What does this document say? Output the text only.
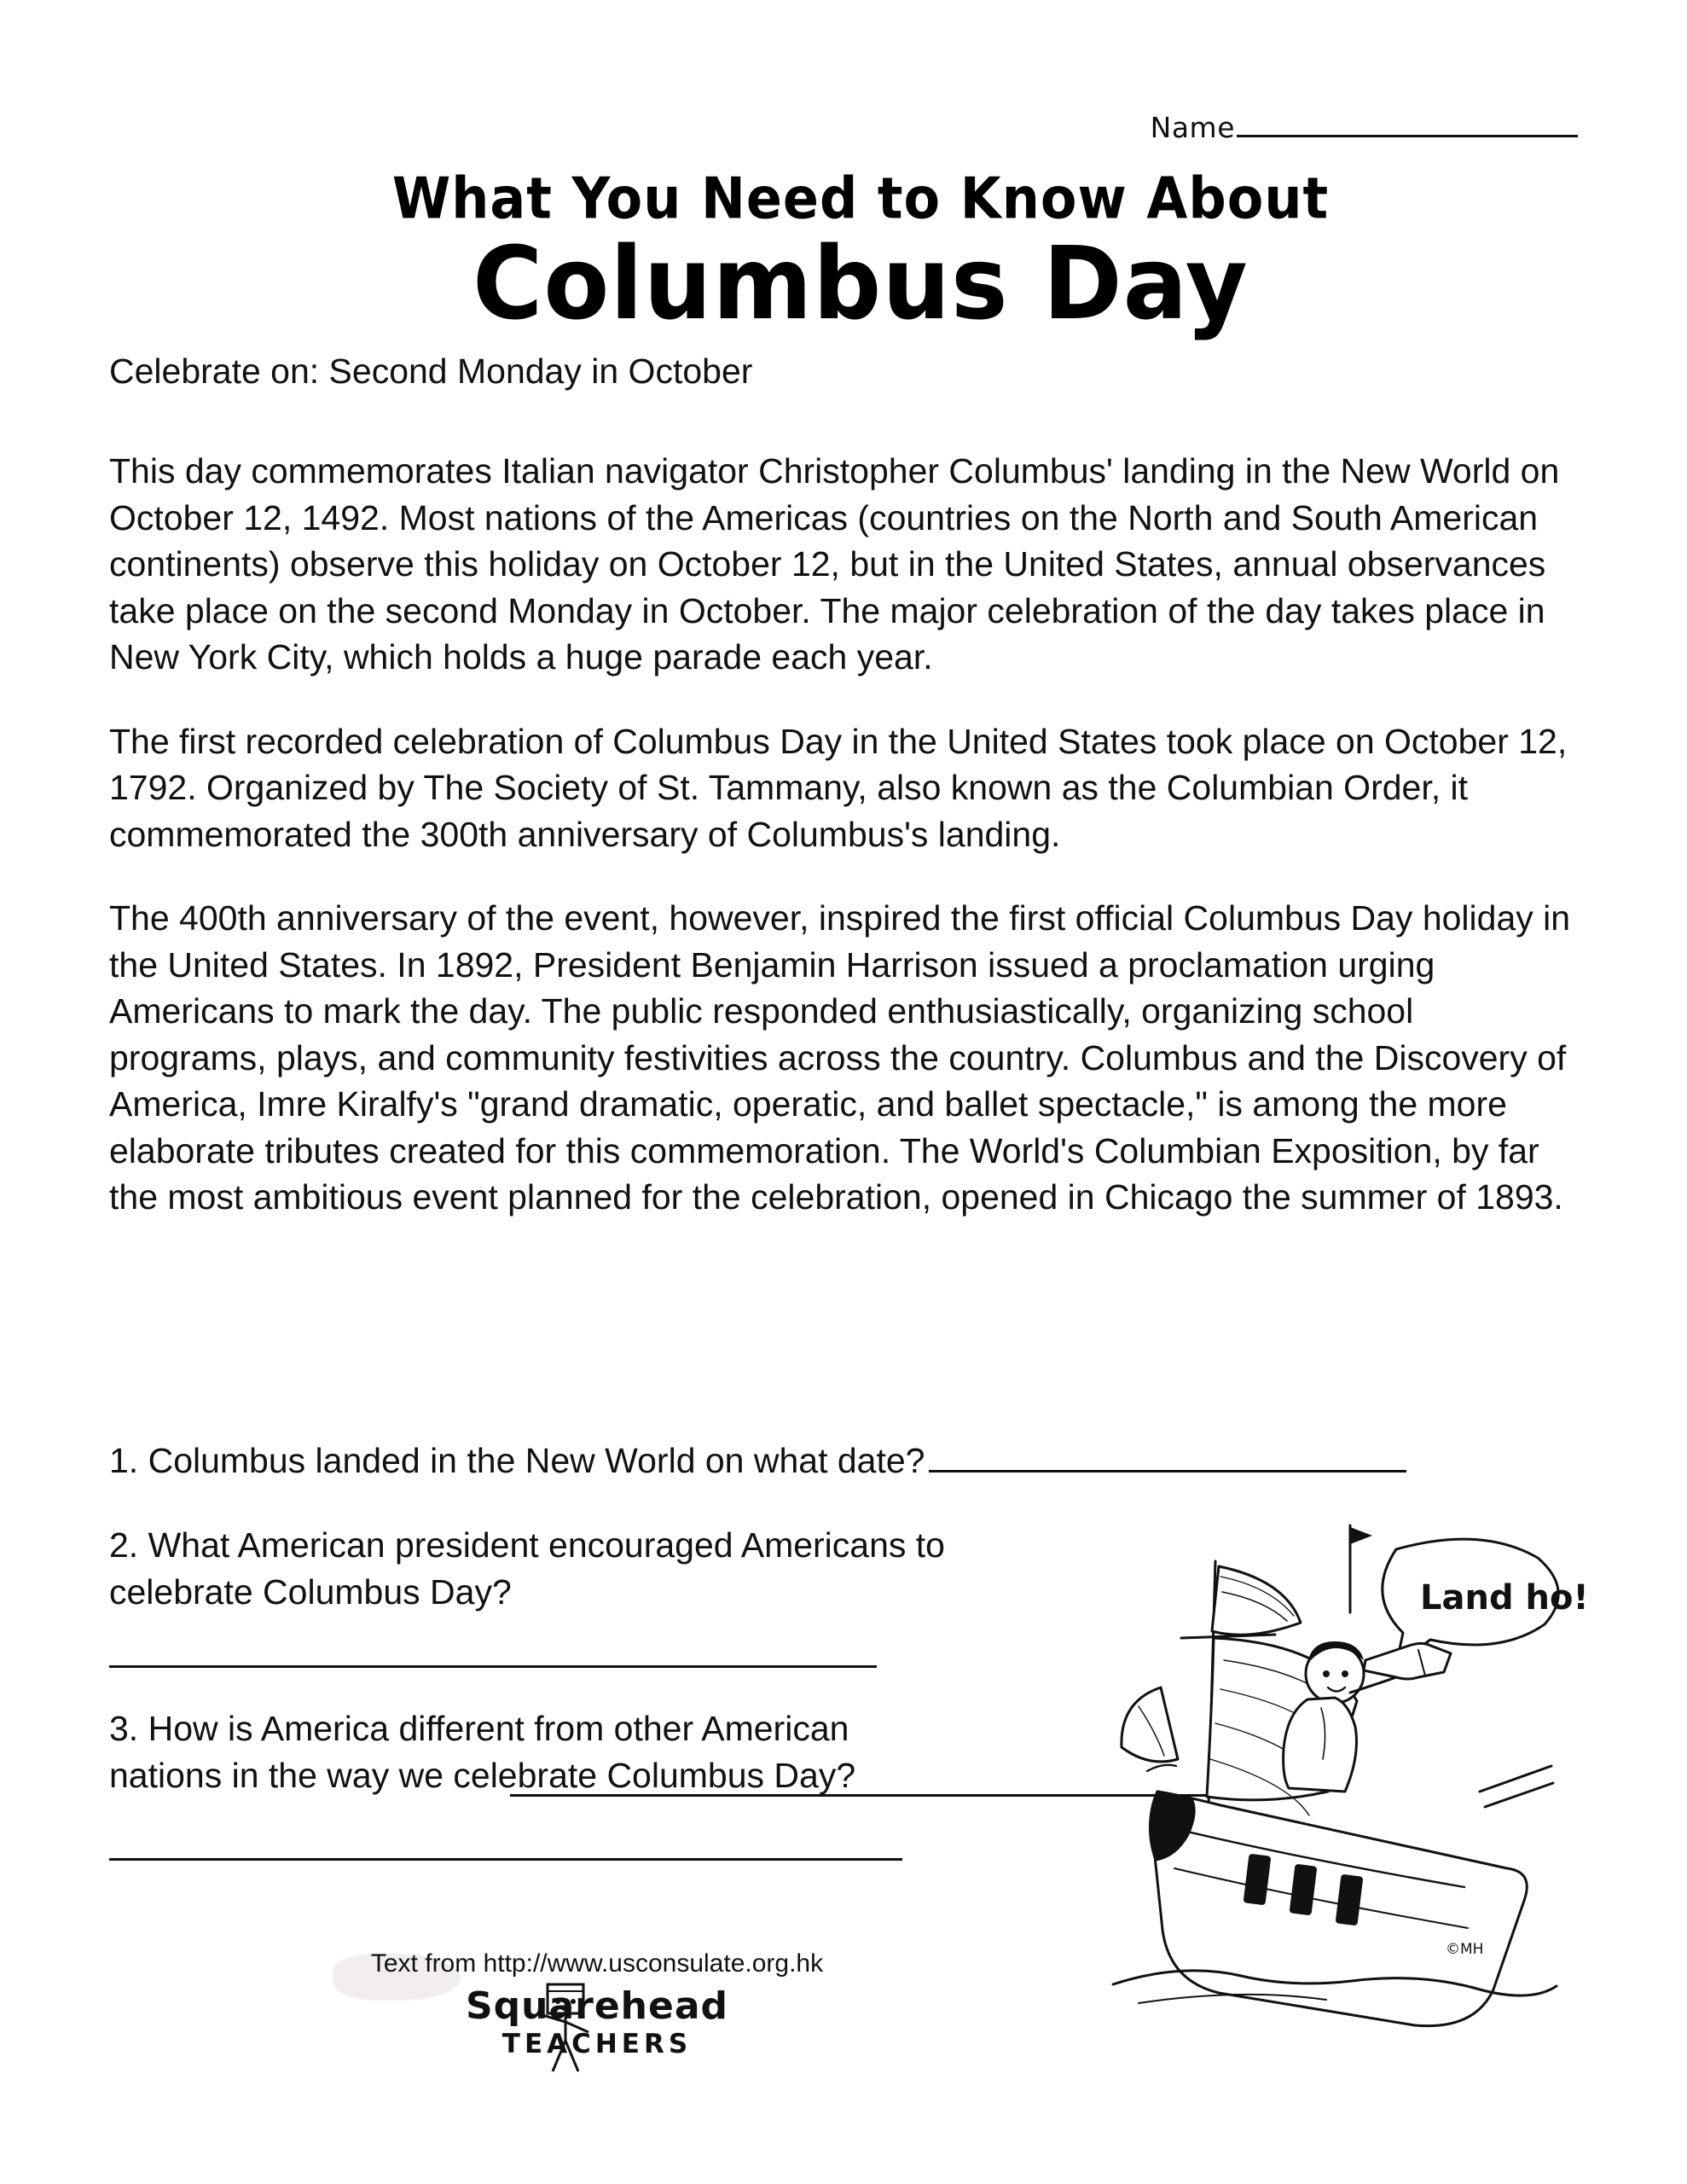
Name
What You Need to Know About
Columbus Day
Celebrate on: Second Monday in October

This day commemorates Italian navigator Christopher Columbus' landing in the New World on October 12, 1492. Most nations of the Americas (countries on the North and South American continents) observe this holiday on October 12, but in the United States, annual observances take place on the second Monday in October. The major celebration of the day takes place in New York City, which holds a huge parade each year.

The first recorded celebration of Columbus Day in the United States took place on October 12, 1792. Organized by The Society of St. Tammany, also known as the Columbian Order, it commemorated the 300th anniversary of Columbus's landing.

The 400th anniversary of the event, however, inspired the first official Columbus Day holiday in the United States. In 1892, President Benjamin Harrison issued a proclamation urging Americans to mark the day. The public responded enthusiastically, organizing school programs, plays, and community festivities across the country. Columbus and the Discovery of America, Imre Kiralfy's "grand dramatic, operatic, and ballet spectacle," is among the more elaborate tributes created for this commemoration. The World's Columbian Exposition, by far the most ambitious event planned for the celebration, opened in Chicago the summer of 1893.

1. Columbus landed in the New World on what date?
2. What American president encouraged Americans to celebrate Columbus Day?
3. How is America different from other American nations in the way we celebrate Columbus Day?
Text from http://www.usconsulate.org.hk
Squarehead
TEACHERS
Land ho!
©MH
